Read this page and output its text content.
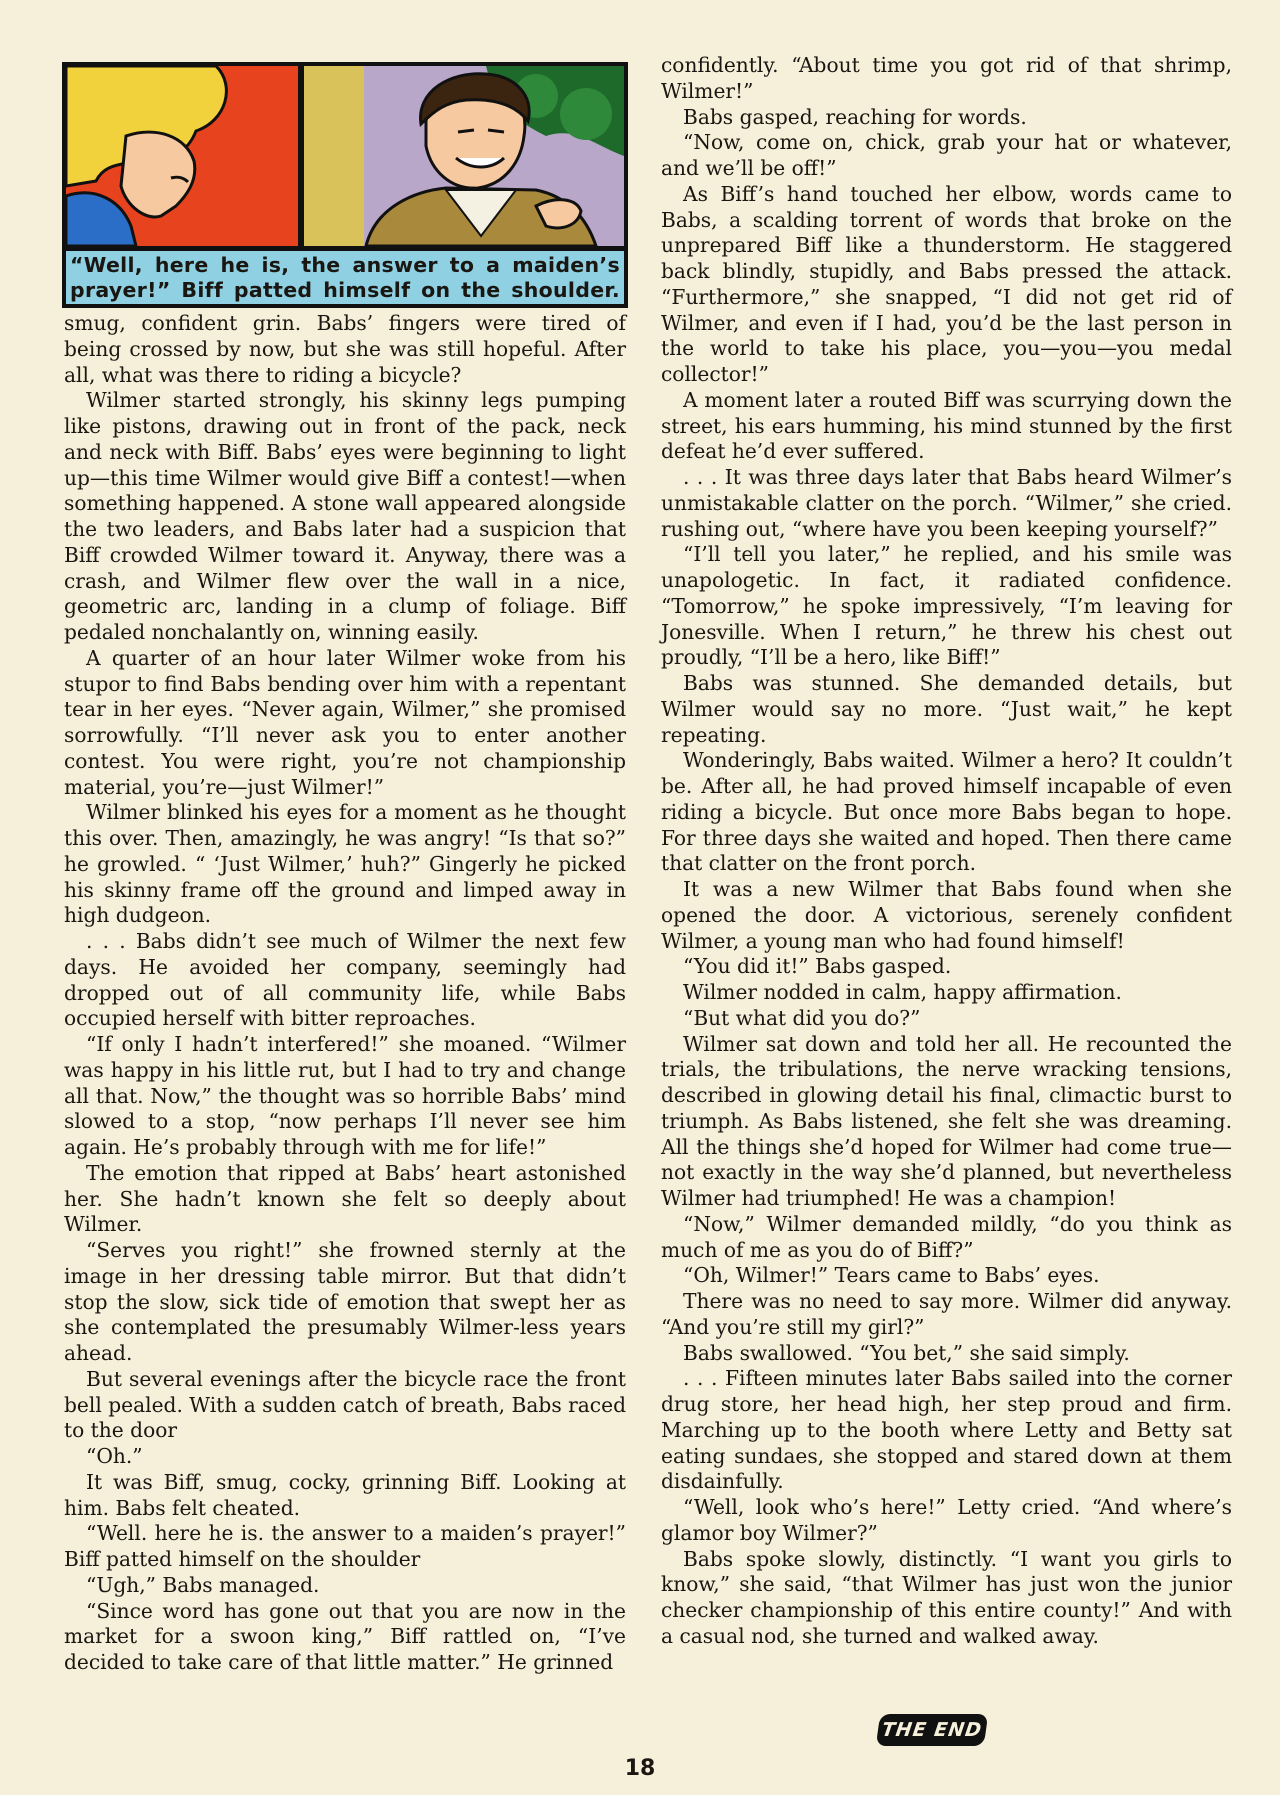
“Well, here he is, the answer to a maiden’s prayer!” Biff patted himself on the shoulder.

smug, confident grin. Babs’ fingers were tired of being crossed by now, but she was still hopeful. After all, what was there to riding a bicycle?

Wilmer started strongly, his skinny legs pumping like pistons, drawing out in front of the pack, neck and neck with Biff. Babs’ eyes were beginning to light up—this time Wilmer would give Biff a contest!—when something happened. A stone wall appeared alongside the two leaders, and Babs later had a suspicion that Biff crowded Wilmer toward it. Anyway, there was a crash, and Wilmer flew over the wall in a nice, geometric arc, landing in a clump of foliage. Biff pedaled nonchalantly on, winning easily.

A quarter of an hour later Wilmer woke from his stupor to find Babs bending over him with a repentant tear in her eyes. “Never again, Wilmer,” she promised sorrowfully. “I’ll never ask you to enter another contest. You were right, you’re not championship material, you’re—just Wilmer!”

Wilmer blinked his eyes for a moment as he thought this over. Then, amazingly, he was angry! “Is that so?” he growled. “ ‘Just Wilmer,’ huh?” Gingerly he picked his skinny frame off the ground and limped away in high dudgeon.

. . . Babs didn’t see much of Wilmer the next few days. He avoided her company, seemingly had dropped out of all community life, while Babs occupied herself with bitter reproaches.

“If only I hadn’t interfered!” she moaned. “Wilmer was happy in his little rut, but I had to try and change all that. Now,” the thought was so horrible Babs’ mind slowed to a stop, “now perhaps I’ll never see him again. He’s probably through with me for life!”

The emotion that ripped at Babs’ heart astonished her. She hadn’t known she felt so deeply about Wilmer.

“Serves you right!” she frowned sternly at the image in her dressing table mirror. But that didn’t stop the slow, sick tide of emotion that swept her as she contemplated the presumably Wilmer-less years ahead.

But several evenings after the bicycle race the front bell pealed. With a sudden catch of breath, Babs raced to the door

“Oh.”

It was Biff, smug, cocky, grinning Biff. Looking at him. Babs felt cheated.

“Well. here he is. the answer to a maiden’s prayer!” Biff patted himself on the shoulder

“Ugh,” Babs managed.

“Since word has gone out that you are now in the market for a swoon king,” Biff rattled on, “I’ve decided to take care of that little matter.” He grinned

confidently. “About time you got rid of that shrimp, Wilmer!”

Babs gasped, reaching for words.

“Now, come on, chick, grab your hat or whatever, and we’ll be off!”

As Biff’s hand touched her elbow, words came to Babs, a scalding torrent of words that broke on the unprepared Biff like a thunderstorm. He staggered back blindly, stupidly, and Babs pressed the attack. “Furthermore,” she snapped, “I did not get rid of Wilmer, and even if I had, you’d be the last person in the world to take his place, you—you—you medal collector!”

A moment later a routed Biff was scurrying down the street, his ears humming, his mind stunned by the first defeat he’d ever suffered.

. . . It was three days later that Babs heard Wilmer’s unmistakable clatter on the porch. “Wilmer,” she cried. rushing out, “where have you been keeping yourself?”

“I’ll tell you later,” he replied, and his smile was unapologetic. In fact, it radiated confidence. “Tomorrow,” he spoke impressively, “I’m leaving for Jonesville. When I return,” he threw his chest out proudly, “I’ll be a hero, like Biff!”

Babs was stunned. She demanded details, but Wilmer would say no more. “Just wait,” he kept repeating.

Wonderingly, Babs waited. Wilmer a hero? It couldn’t be. After all, he had proved himself incapable of even riding a bicycle. But once more Babs began to hope. For three days she waited and hoped. Then there came that clatter on the front porch.

It was a new Wilmer that Babs found when she opened the door. A victorious, serenely confident Wilmer, a young man who had found himself!

“You did it!” Babs gasped.

Wilmer nodded in calm, happy affirmation.

“But what did you do?”

Wilmer sat down and told her all. He recounted the trials, the tribulations, the nerve wracking tensions, described in glowing detail his final, climactic burst to triumph. As Babs listened, she felt she was dreaming. All the things she’d hoped for Wilmer had come true—not exactly in the way she’d planned, but nevertheless Wilmer had triumphed! He was a champion!

“Now,” Wilmer demanded mildly, “do you think as much of me as you do of Biff?”

“Oh, Wilmer!” Tears came to Babs’ eyes.

There was no need to say more. Wilmer did anyway. “And you’re still my girl?”

Babs swallowed. “You bet,” she said simply.

. . . Fifteen minutes later Babs sailed into the corner drug store, her head high, her step proud and firm. Marching up to the booth where Letty and Betty sat eating sundaes, she stopped and stared down at them disdainfully.

“Well, look who’s here!” Letty cried. “And where’s glamor boy Wilmer?”

Babs spoke slowly, distinctly. “I want you girls to know,” she said, “that Wilmer has just won the junior checker championship of this entire county!” And with a casual nod, she turned and walked away.

THE END
18
